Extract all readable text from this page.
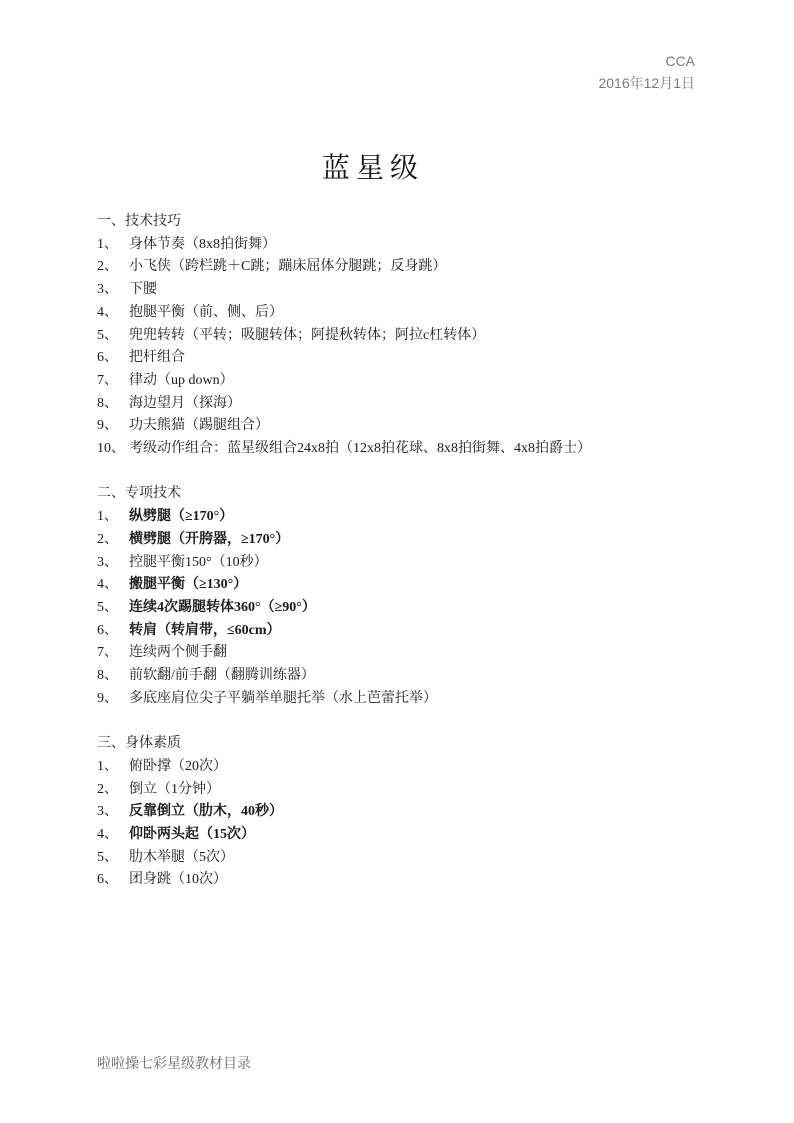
CCA
2016年12月1日
蓝星级
一、技术技巧
1、 身体节奏（8x8拍街舞）
2、 小飞侠（跨栏跳＋C跳；蹦床屈体分腿跳；反身跳）
3、 下腰
4、 抱腿平衡（前、侧、后）
5、 兜兜转转（平转；吸腿转体；阿提秋转体；阿拉c杠转体）
6、 把杆组合
7、 律动（up down）
8、 海边望月（探海）
9、 功夫熊猫（踢腿组合）
10、 考级动作组合：蓝星级组合24x8拍（12x8拍花球、8x8拍街舞、4x8拍爵士）
二、专项技术
1、 纵劈腿（≥170°）
2、 横劈腿（开胯器，≥170°）
3、 控腿平衡150°（10秒）
4、 搬腿平衡（≥130°）
5、 连续4次踢腿转体360°（≥90°）
6、 转肩（转肩带，≤60cm）
7、 连续两个侧手翻
8、 前软翻/前手翻（翻腾训练器）
9、 多底座肩位尖子平躺举单腿托举（水上芭蕾托举）
三、身体素质
1、 俯卧撑（20次）
2、 倒立（1分钟）
3、 反靠倒立（肋木，40秒）
4、 仰卧两头起（15次）
5、 肋木举腿（5次）
6、 团身跳（10次）
啦啦操七彩星级教材目录
